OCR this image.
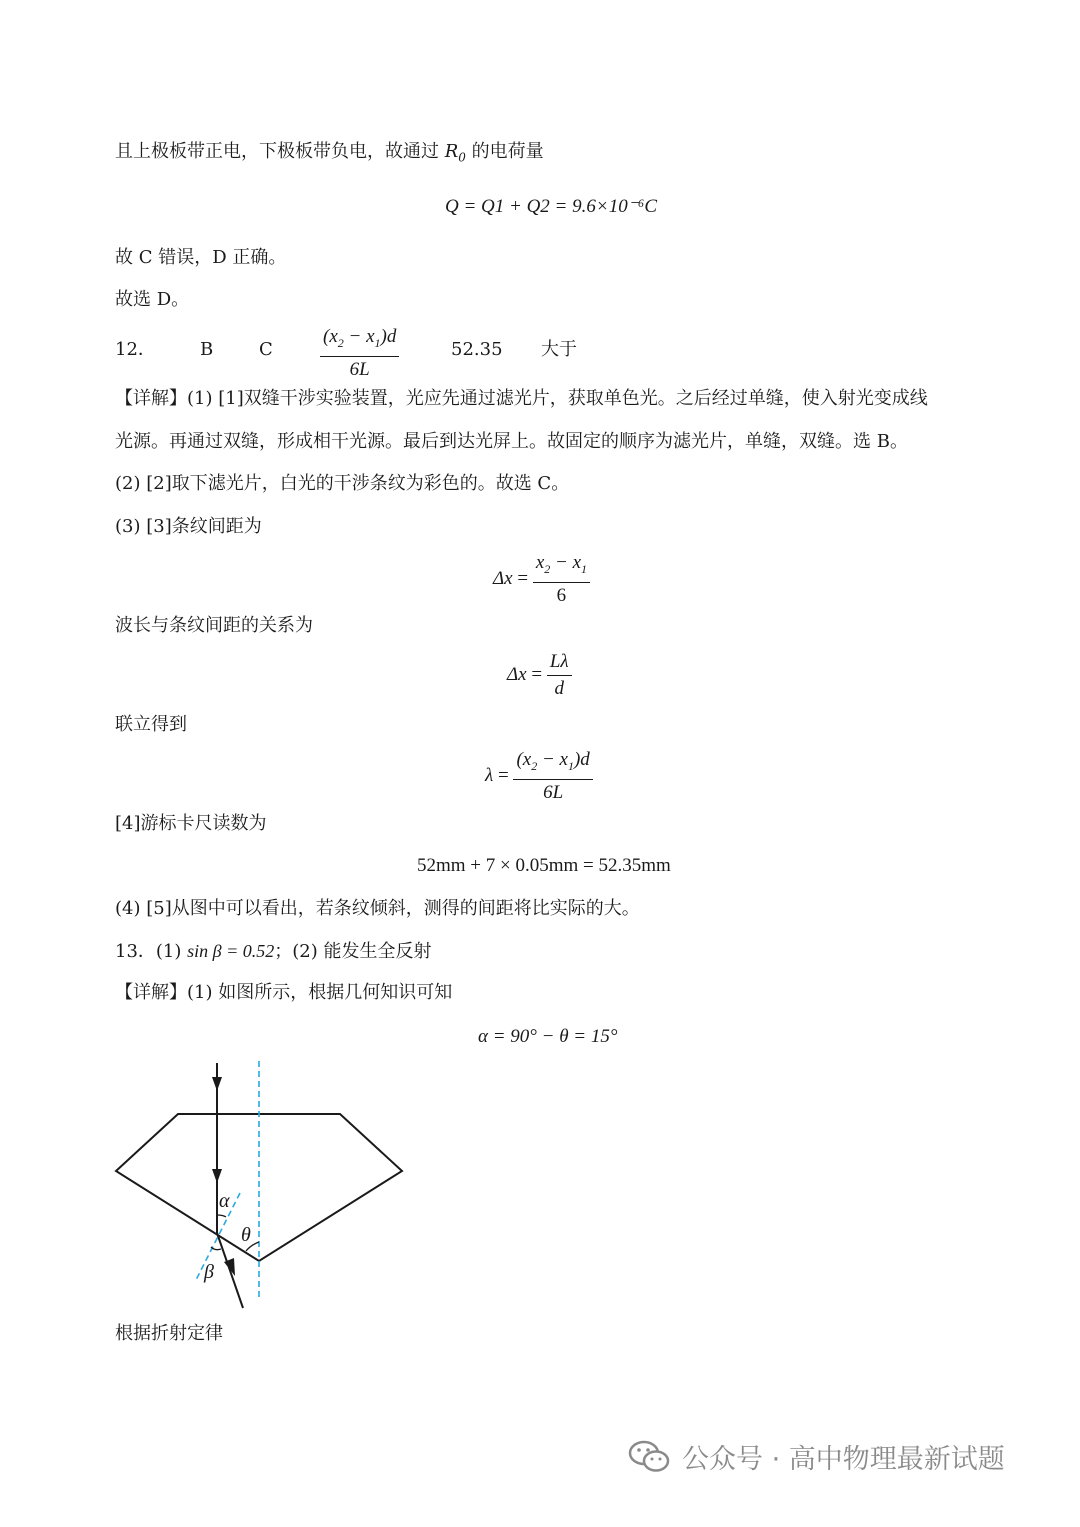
且上极板带正电，下极板带负电，故通过 $R_0$ 的电荷量
Q = Q1 + Q2 = 9.6×10⁻⁶C
故 C 错误，D 正确。
故选 D。
12． B	C $\frac{(x_2 - x_1)d}{6L}$	52.35 大于
【详解】(1) [1]双缝干涉实验装置，光应先通过滤光片，获取单色光。之后经过单缝，使入射光变成线
光源。再通过双缝，形成相干光源。最后到达光屏上。故固定的顺序为滤光片，单缝，双缝。选 B。
(2) [2]取下滤光片，白光的干涉条纹为彩色的。故选 C。
(3) [3]条纹间距为
$\Delta x = \frac{x_2 - x_1}{6}$
波长与条纹间距的关系为
$\Delta x = \frac{L\lambda}{d}$
联立得到
$\lambda = \frac{(x_2 - x_1)d}{6L}$
[4]游标卡尺读数为
52mm + 7 × 0.05mm = 52.35mm
(4) [5]从图中可以看出，若条纹倾斜，测得的间距将比实际的大。
13．(1) sin β = 0.52；(2) 能发生全反射
【详解】(1) 如图所示，根据几何知识可知
α = 90° − θ = 15°
α
β
θ
根据折射定律
公众号 · 高中物理最新试题
